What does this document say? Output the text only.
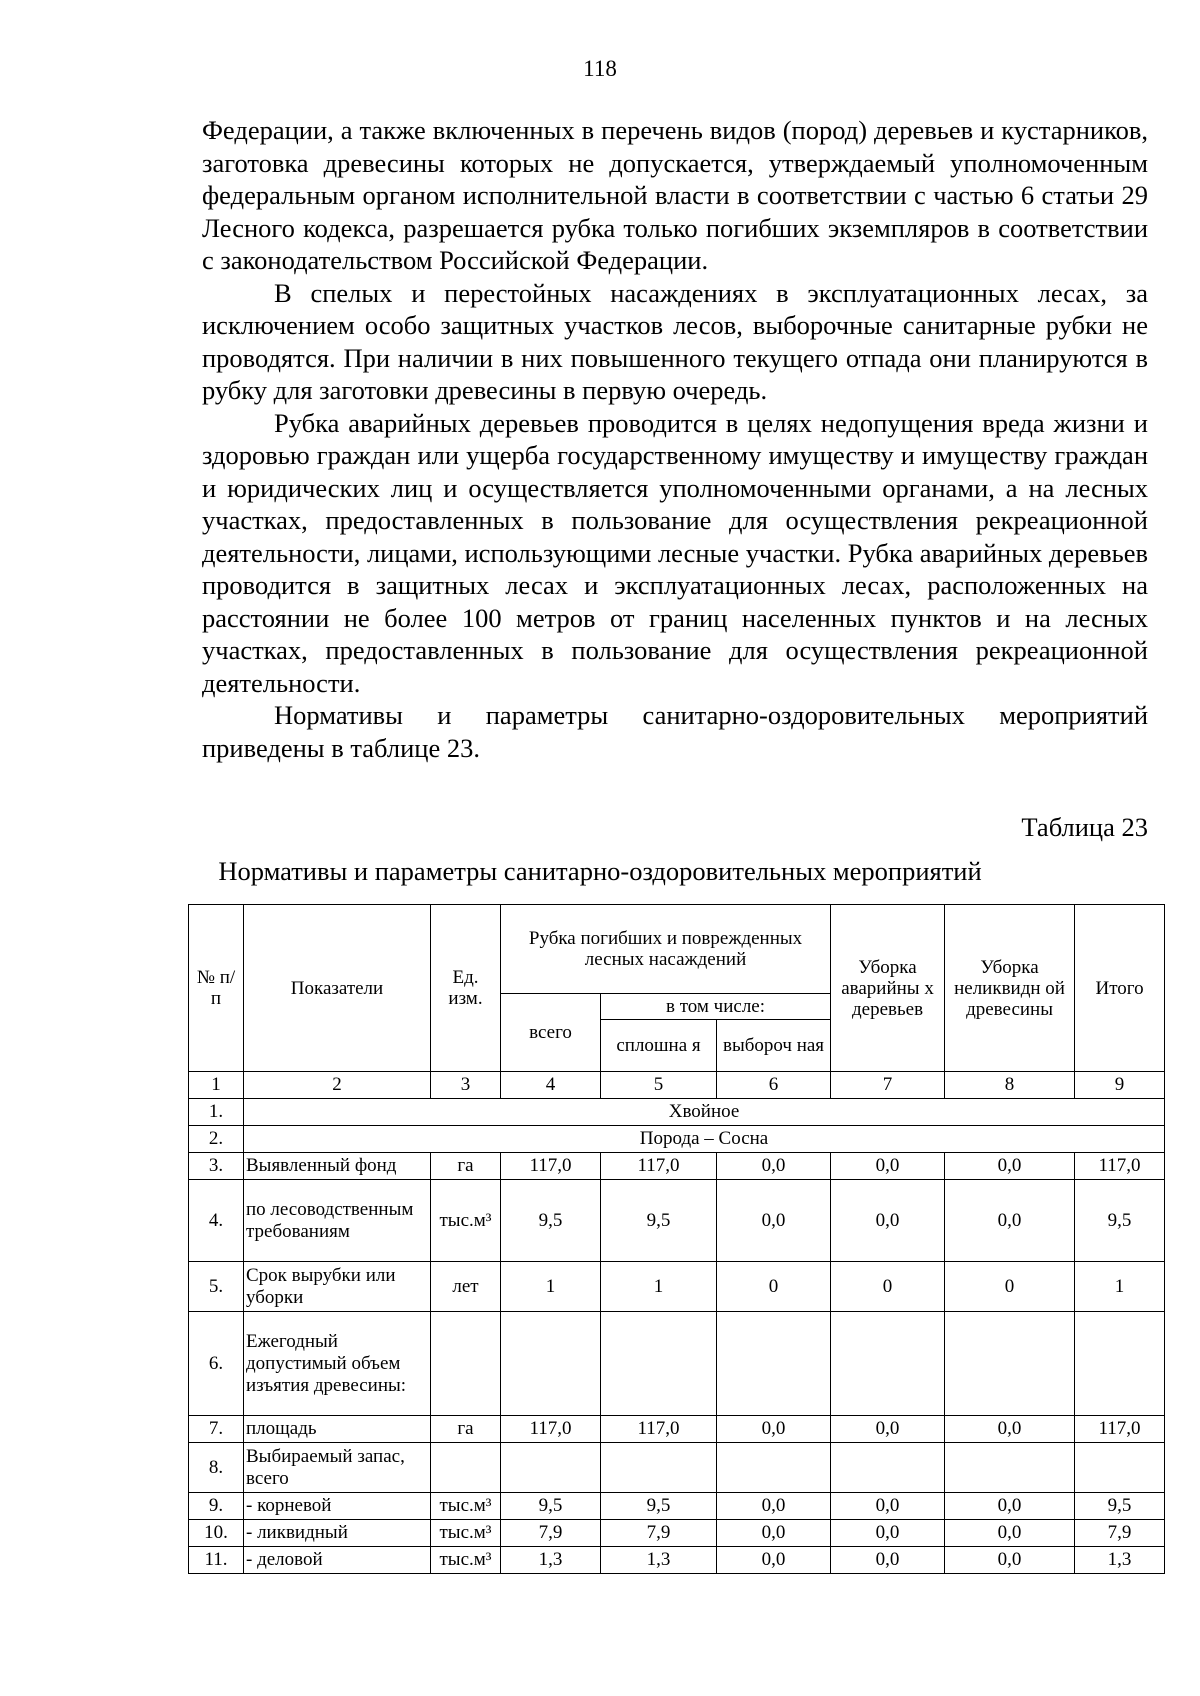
118

Федерации, а также включенных в перечень видов (пород) деревьев и кустарников, заготовка древесины которых не допускается, утверждаемый уполномоченным федеральным органом исполнительной власти в соответствии с частью 6 статьи 29 Лесного кодекса, разрешается рубка только погибших экземпляров в соответствии с законодательством Российской Федерации.

В спелых и перестойных насаждениях в эксплуатационных лесах, за исключением особо защитных участков лесов, выборочные санитарные рубки не проводятся. При наличии в них повышенного текущего отпада они планируются в рубку для заготовки древесины в первую очередь.

Рубка аварийных деревьев проводится в целях недопущения вреда жизни и здоровью граждан или ущерба государственному имуществу и имуществу граждан и юридических лиц и осуществляется уполномоченными органами, а на лесных участках, предоставленных в пользование для осуществления рекреационной деятельности, лицами, использующими лесные участки. Рубка аварийных деревьев проводится в защитных лесах и эксплуатационных лесах, расположенных на расстоянии не более 100 метров от границ населенных пунктов и на лесных участках, предоставленных в пользование для осуществления рекреационной деятельности.

Нормативы и параметры санитарно-оздоровительных мероприятий приведены в таблице 23.

Таблица 23
Нормативы и параметры санитарно-оздоровительных мероприятий
№ п/п	Показатели	Ед. изм.	Рубка погибших и поврежденных лесных насаждений			Уборка аварийны х деревьев	Уборка неликвидн ой древесины	Итого
			всего	в том числе:				
				сплошна я	выбороч ная			
1	2	3	4	5	6	7	8	9
1.	Хвойное							
2.	Порода – Сосна							
3.	Выявленный фонд	га	117,0	117,0	0,0	0,0	0,0	117,0
4.	по лесоводственным требованиям	тыс.м³	9,5	9,5	0,0	0,0	0,0	9,5
5.	Срок вырубки или уборки	лет	1	1	0	0	0	1
6.	Ежегодный допустимый объем изъятия древесины:							
7.	площадь	га	117,0	117,0	0,0	0,0	0,0	117,0
8.	Выбираемый запас, всего							
9.	- корневой	тыс.м³	9,5	9,5	0,0	0,0	0,0	9,5
10.	- ликвидный	тыс.м³	7,9	7,9	0,0	0,0	0,0	7,9
11.	- деловой	тыс.м³	1,3	1,3	0,0	0,0	0,0	1,3
